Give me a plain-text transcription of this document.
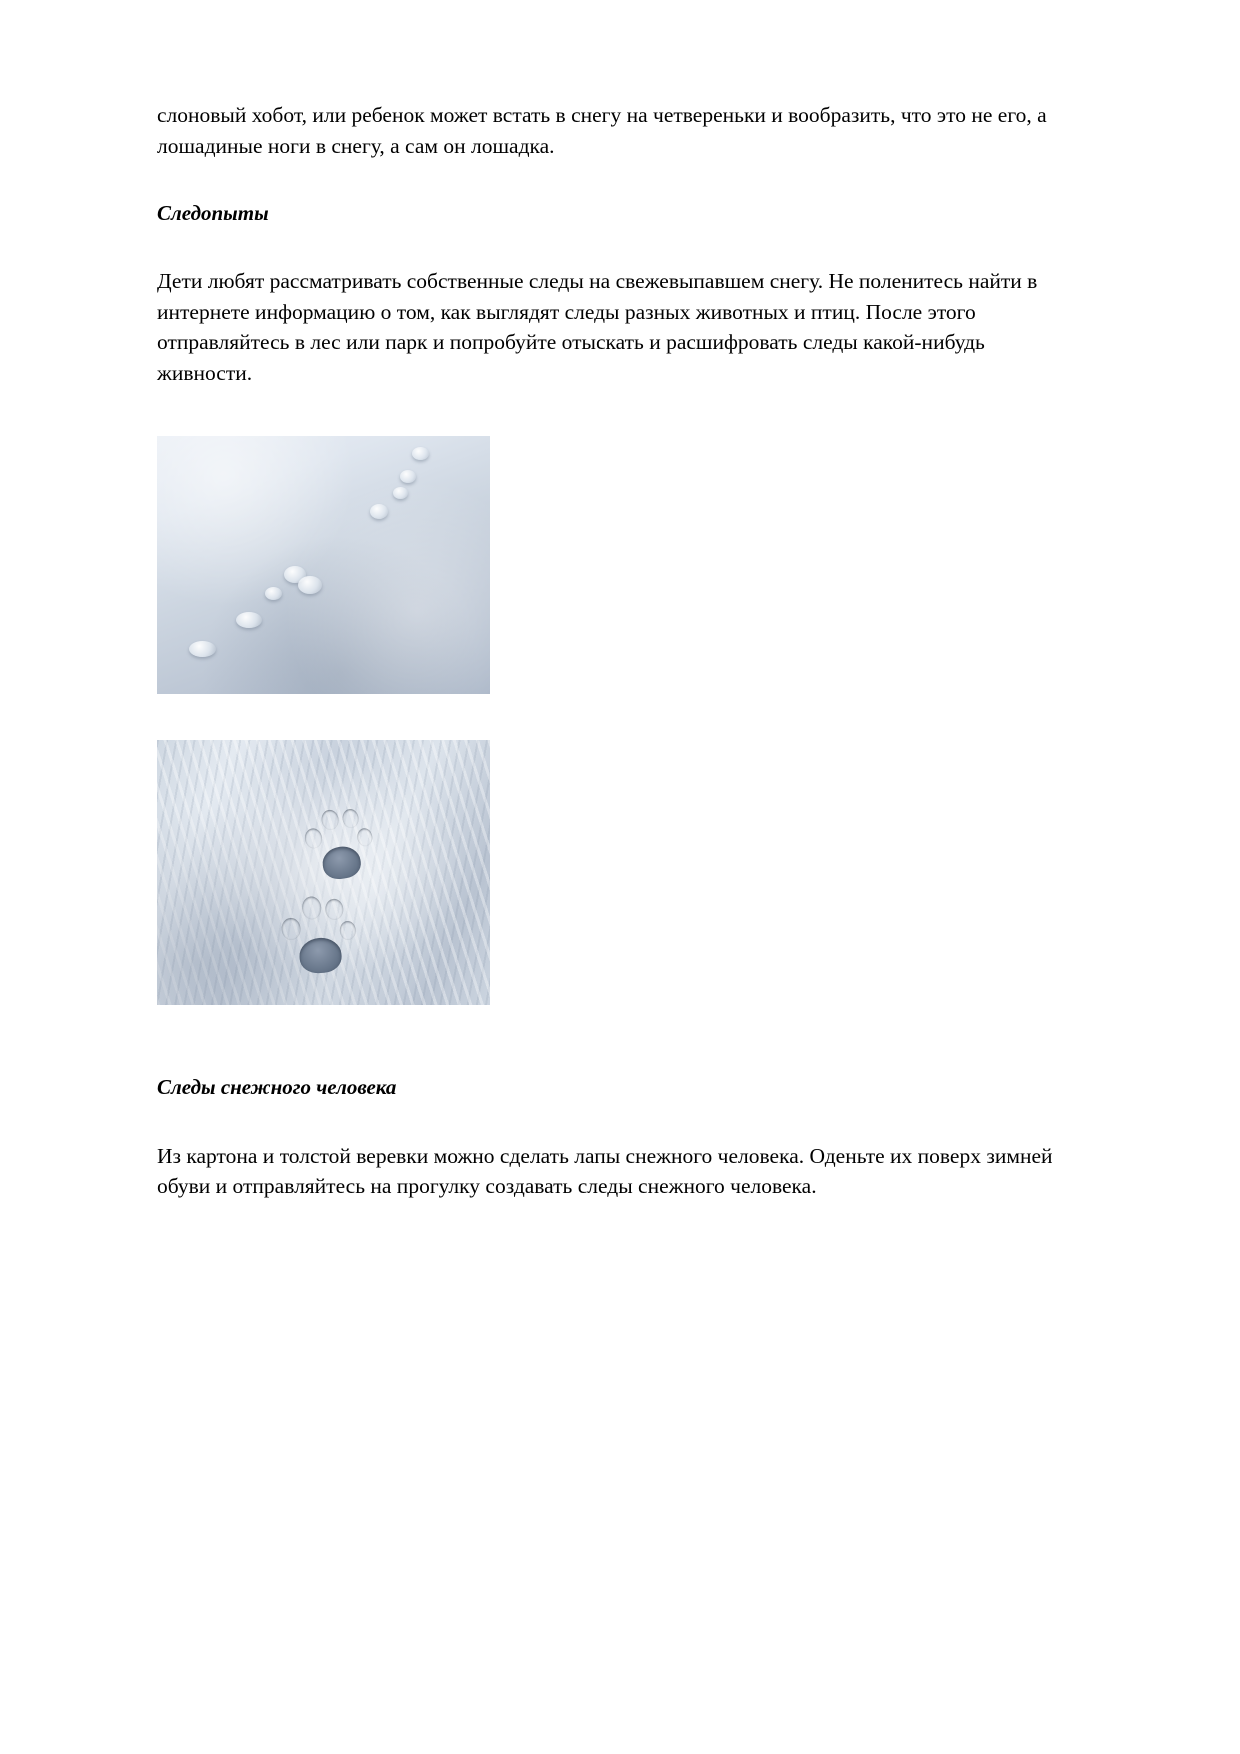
слоновый хобот, или ребенок может встать в снегу на четвереньки и вообразить, что это не его, а лошадиные ноги в снегу, а сам он лошадка.

Следопыты

Дети любят рассматривать собственные следы на свежевыпавшем снегу. Не поленитесь найти в интернете информацию о том, как выглядят следы разных животных и птиц. После этого отправляйтесь в лес или парк и попробуйте отыскать и расшифровать следы какой-нибудь живности.

Следы снежного человека

Из картона и толстой веревки можно сделать лапы снежного человека. Оденьте их поверх зимней обуви и отправляйтесь на прогулку создавать следы снежного человека.
